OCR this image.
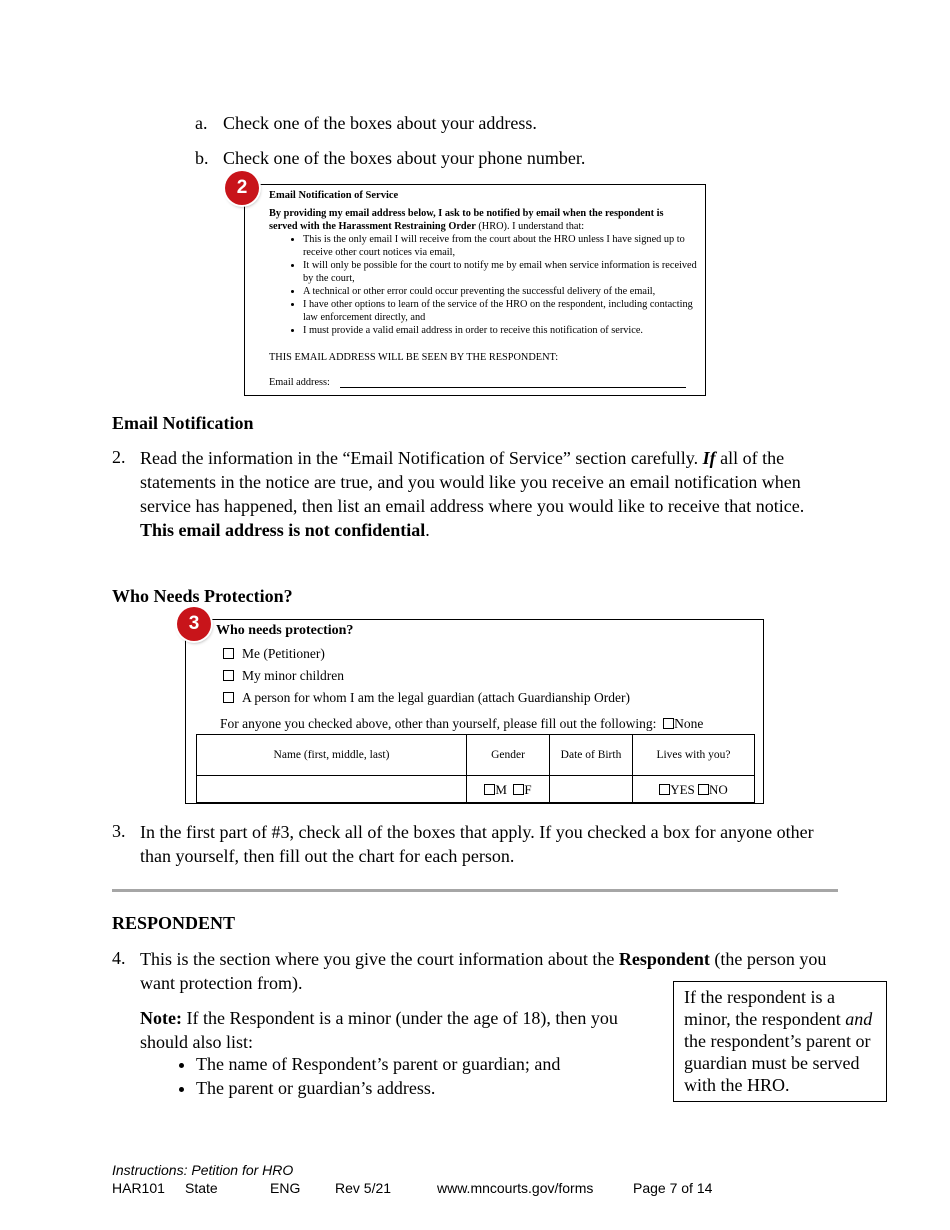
a. Check one of the boxes about your address.
b. Check one of the boxes about your phone number.
Email Notification of Service
By providing my email address below, I ask to be notified by email when the respondent is served with the Harassment Restraining Order (HRO). I understand that:
• This is the only email I will receive from the court about the HRO unless I have signed up to receive other court notices via email,
• It will only be possible for the court to notify me by email when service information is received by the court,
• A technical or other error could occur preventing the successful delivery of the email,
• I have other options to learn of the service of the HRO on the respondent, including contacting law enforcement directly, and
• I must provide a valid email address in order to receive this notification of service.
THIS EMAIL ADDRESS WILL BE SEEN BY THE RESPONDENT:
Email address:
2
Email Notification
2. Read the information in the “Email Notification of Service” section carefully. If all of the statements in the notice are true, and you would like you receive an email notification when service has happened, then list an email address where you would like to receive that notice. This email address is not confidential.
Who Needs Protection?
Who needs protection?
Me (Petitioner)
My minor children
A person for whom I am the legal guardian (attach Guardianship Order)
For anyone you checked above, other than yourself, please fill out the following: None
Name (first, middle, last)	Gender	Date of Birth	Lives with you?
	M F		YES NO

3
3. In the first part of #3, check all of the boxes that apply. If you checked a box for anyone other than yourself, then fill out the chart for each person.
RESPONDENT
4. This is the section where you give the court information about the Respondent (the person you want protection from).
Note: If the Respondent is a minor (under the age of 18), then you should also list:
• The name of Respondent’s parent or guardian; and
• The parent or guardian’s address.
If the respondent is a minor, the respondent and the respondent’s parent or guardian must be served with the HRO.
Instructions: Petition for HRO
HAR101 State	ENG Rev 5/21	www.mncourts.gov/forms	Page 7 of 14
